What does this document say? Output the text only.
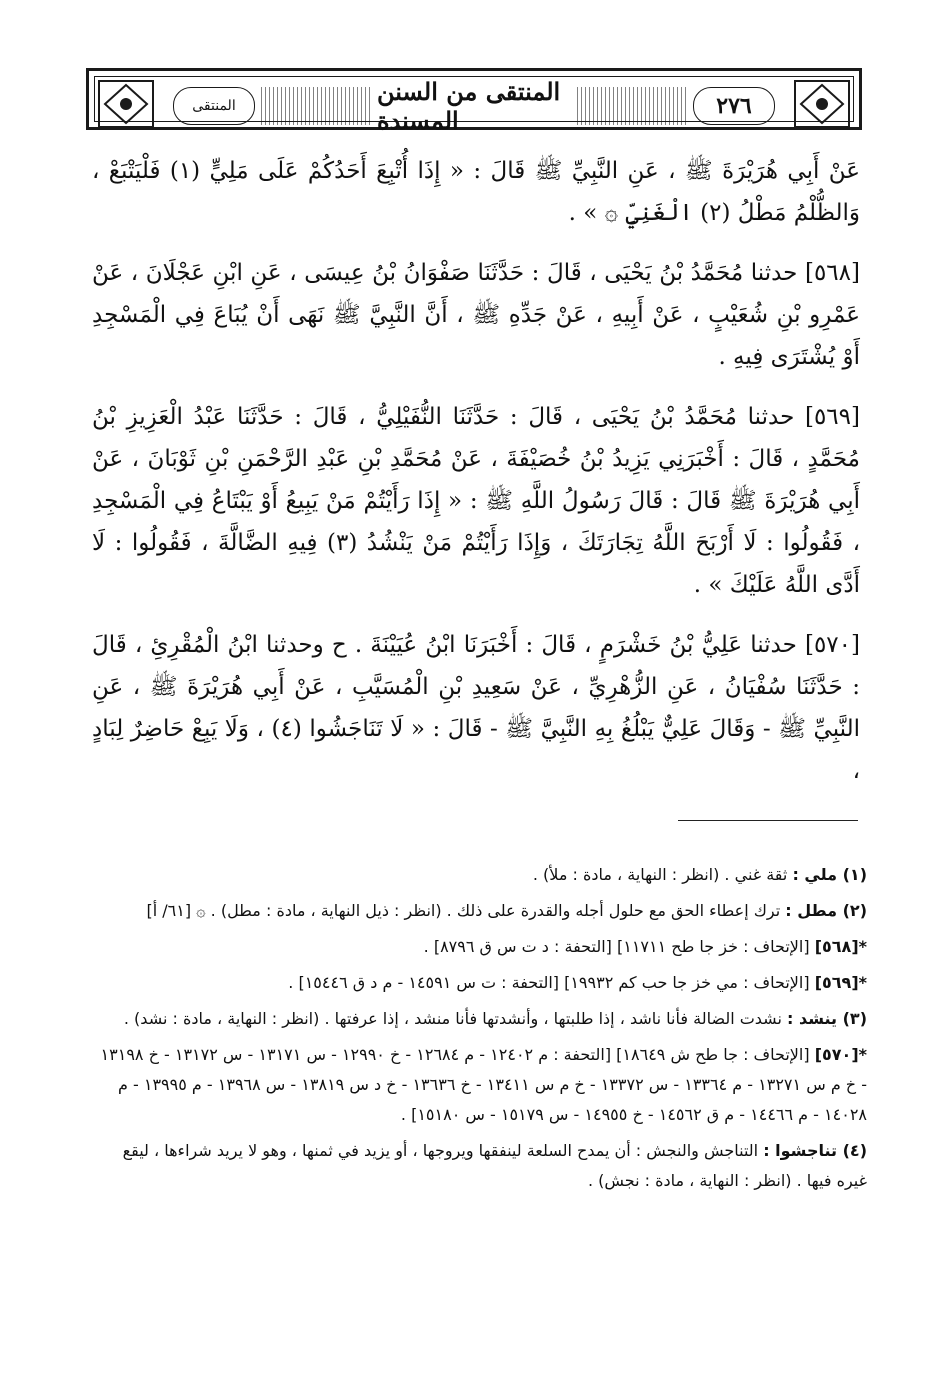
المنتقى	المنتقى من السنن المسندة	٢٧٦

عَنْ أَبِي هُرَيْرَةَ ﷺ ، عَنِ النَّبِيِّ ﷺ قَالَ : « إِذَا أُتْبِعَ أَحَدُكُمْ عَلَى مَلِيٍّ (١) فَلْيَتْبَعْ ، وَالظُّلْمُ مَطْلُ (٢) الْغَنِيِّ ۞ » .

[٥٦٨] حدثنا مُحَمَّدُ بْنُ يَحْيَى ، قَالَ : حَدَّثَنَا صَفْوَانُ بْنُ عِيسَى ، عَنِ ابْنِ عَجْلَانَ ، عَنْ عَمْرِو بْنِ شُعَيْبٍ ، عَنْ أَبِيهِ ، عَنْ جَدِّهِ ﷺ ، أَنَّ النَّبِيَّ ﷺ نَهَى أَنْ يُبَاعَ فِي الْمَسْجِدِ أَوْ يُشْتَرَى فِيهِ .

[٥٦٩] حدثنا مُحَمَّدُ بْنُ يَحْيَى ، قَالَ : حَدَّثَنَا النُّفَيْلِيُّ ، قَالَ : حَدَّثَنَا عَبْدُ الْعَزِيزِ بْنُ مُحَمَّدٍ ، قَالَ : أَخْبَرَنِي يَزِيدُ بْنُ خُصَيْفَةَ ، عَنْ مُحَمَّدِ بْنِ عَبْدِ الرَّحْمَنِ بْنِ ثَوْبَانَ ، عَنْ أَبِي هُرَيْرَةَ ﷺ قَالَ : قَالَ رَسُولُ اللَّهِ ﷺ : « إِذَا رَأَيْتُمْ مَنْ يَبِيعُ أَوْ يَبْتَاعُ فِي الْمَسْجِدِ ، فَقُولُوا : لَا أَرْبَحَ اللَّهُ تِجَارَتَكَ ، وَإِذَا رَأَيْتُمْ مَنْ يَنْشُدُ (٣) فِيهِ الضَّالَّةَ ، فَقُولُوا : لَا أَدَّى اللَّهُ عَلَيْكَ » .

[٥٧٠] حدثنا عَلِيُّ بْنُ خَشْرَمٍ ، قَالَ : أَخْبَرَنَا ابْنُ عُيَيْنَةَ . ح وحدثنا ابْنُ الْمُقْرِئِ ، قَالَ : حَدَّثَنَا سُفْيَانُ ، عَنِ الزُّهْرِيِّ ، عَنْ سَعِيدِ بْنِ الْمُسَيَّبِ ، عَنْ أَبِي هُرَيْرَةَ ﷺ ، عَنِ النَّبِيِّ ﷺ - وَقَالَ عَلِيٌّ يَبْلُغُ بِهِ النَّبِيَّ ﷺ - قَالَ : « لَا تَنَاجَشُوا (٤) ، وَلَا يَبِعْ حَاضِرٌ لِبَادٍ ،

(١) ملي : ثقة غني . (انظر : النهاية ، مادة : ملأ) .

(٢) مطل : ترك إعطاء الحق مع حلول أجله والقدرة على ذلك . (انظر : ذيل النهاية ، مادة : مطل) . ۞ [٦١/ أ]

*[٥٦٨] [الإتحاف : خز جا طح ١١٧١١] [التحفة : د ت س ق ٨٧٩٦] .

*[٥٦٩] [الإتحاف : مي خز جا حب كم ١٩٩٣٢] [التحفة : ت س ١٤٥٩١ - م د ق ١٥٤٤٦] .

(٣) ينشد : نشدت الضالة فأنا ناشد ، إذا طلبتها ، وأنشدتها فأنا منشد ، إذا عرفتها . (انظر : النهاية ، مادة : نشد) .

*[٥٧٠] [الإتحاف : جا طح ش ١٨٦٤٩] [التحفة : م ١٢٤٠٢ - م ١٢٦٨٤ - خ ١٢٩٩٠ - س ١٣١٧١ - س ١٣١٧٢ - خ ١٣١٩٨ - خ م س ١٣٢٧١ - م ١٣٣٦٤ - س ١٣٣٧٢ - خ م س ١٣٤١١ - خ ١٣٦٣٦ - خ د س ١٣٨١٩ - س ١٣٩٦٨ - م ١٣٩٩٥ - م ١٤٠٢٨ - م ١٤٤٦٦ - م ق ١٤٥٦٢ - خ ١٤٩٥٥ - س ١٥١٧٩ - س ١٥١٨٠] .

(٤) تناجشوا : التناجش والنجش : أن يمدح السلعة لينفقها ويروجها ، أو يزيد في ثمنها ، وهو لا يريد شراءها ، ليقع غيره فيها . (انظر : النهاية ، مادة : نجش) .
